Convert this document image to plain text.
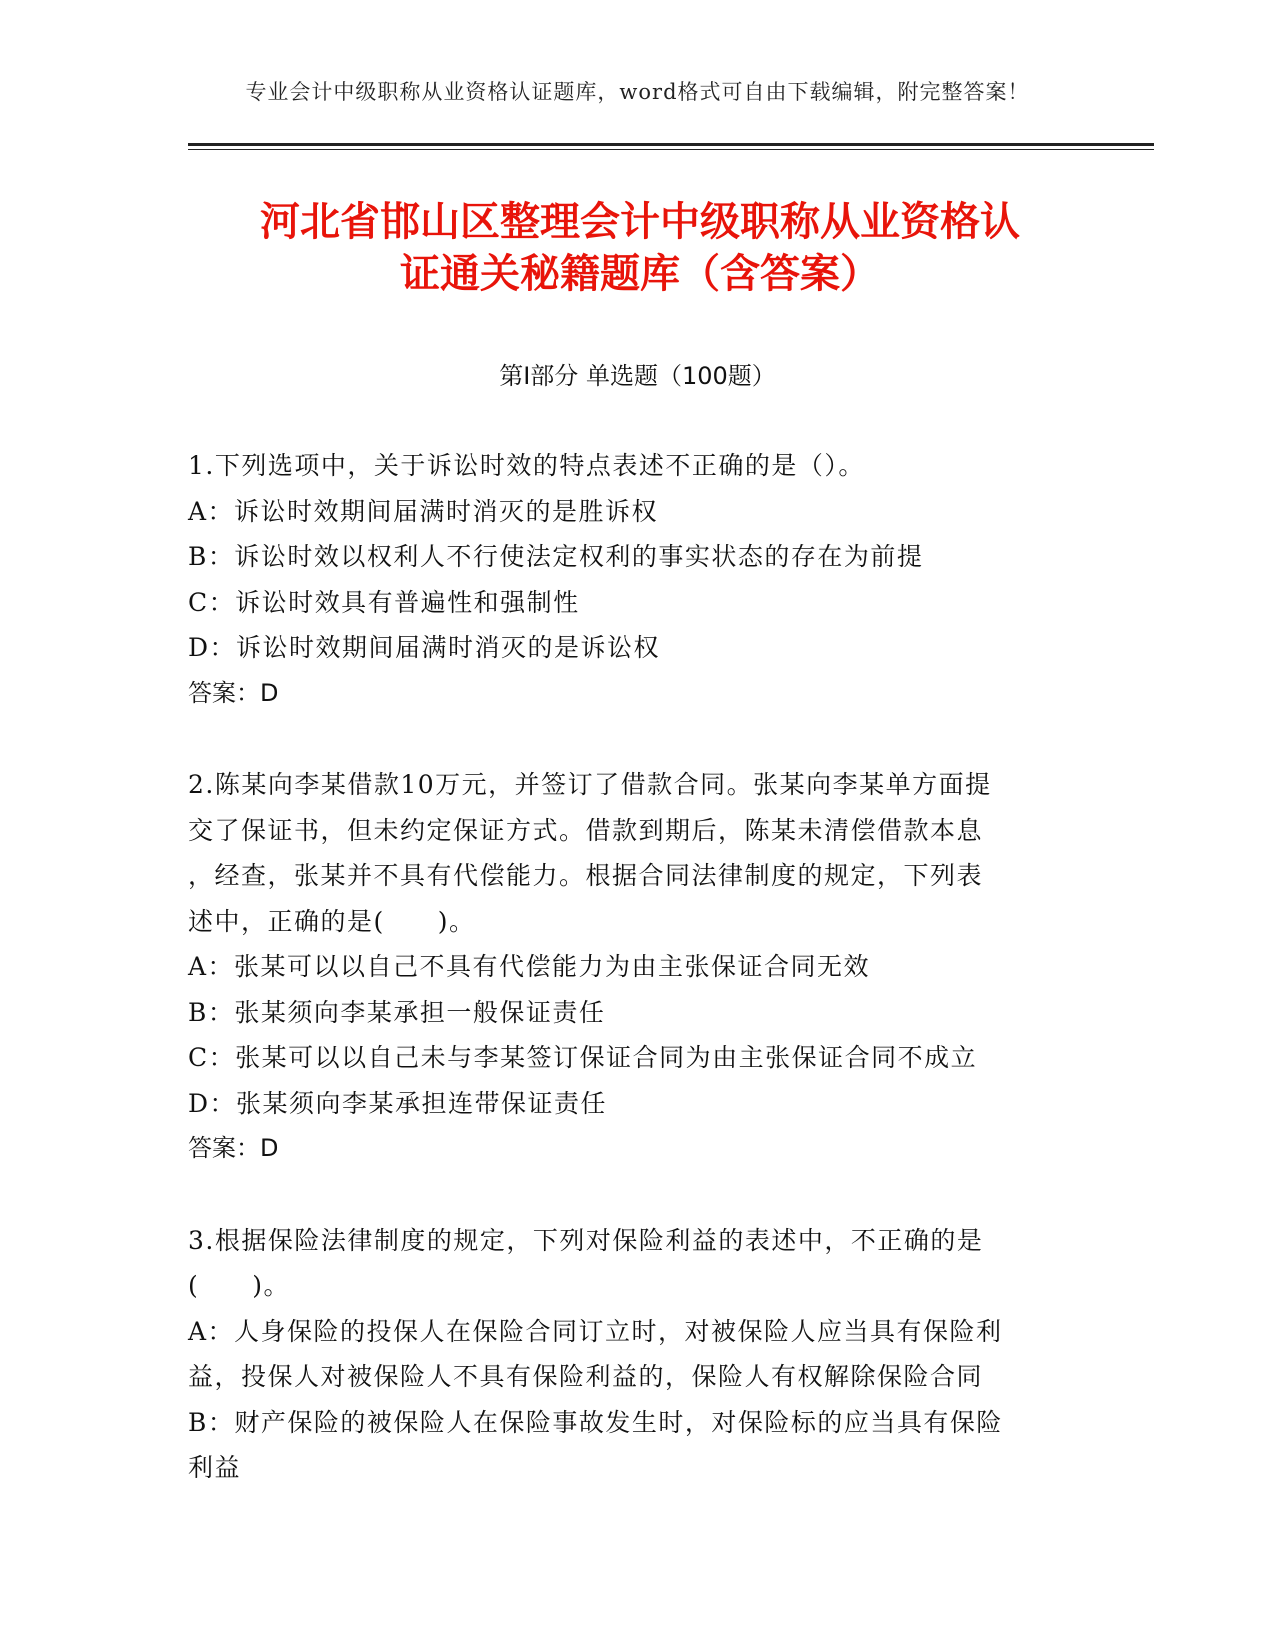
专业会计中级职称从业资格认证题库，word格式可自由下载编辑，附完整答案！
河北省邯山区整理会计中级职称从业资格认
证通关秘籍题库（含答案）
第Ⅰ部分 单选题（100题）
1.下列选项中，关于诉讼时效的特点表述不正确的是（）。
A：诉讼时效期间届满时消灭的是胜诉权
B：诉讼时效以权利人不行使法定权利的事实状态的存在为前提
C：诉讼时效具有普遍性和强制性
D：诉讼时效期间届满时消灭的是诉讼权
答案：D
2.陈某向李某借款10万元，并签订了借款合同。张某向李某单方面提
交了保证书，但未约定保证方式。借款到期后，陈某未清偿借款本息
，经查，张某并不具有代偿能力。根据合同法律制度的规定，下列表
述中，正确的是(　　)。
A：张某可以以自己不具有代偿能力为由主张保证合同无效
B：张某须向李某承担一般保证责任
C：张某可以以自己未与李某签订保证合同为由主张保证合同不成立
D：张某须向李某承担连带保证责任
答案：D
3.根据保险法律制度的规定，下列对保险利益的表述中，不正确的是
(　　)。
A：人身保险的投保人在保险合同订立时，对被保险人应当具有保险利
益，投保人对被保险人不具有保险利益的，保险人有权解除保险合同
B：财产保险的被保险人在保险事故发生时，对保险标的应当具有保险
利益
